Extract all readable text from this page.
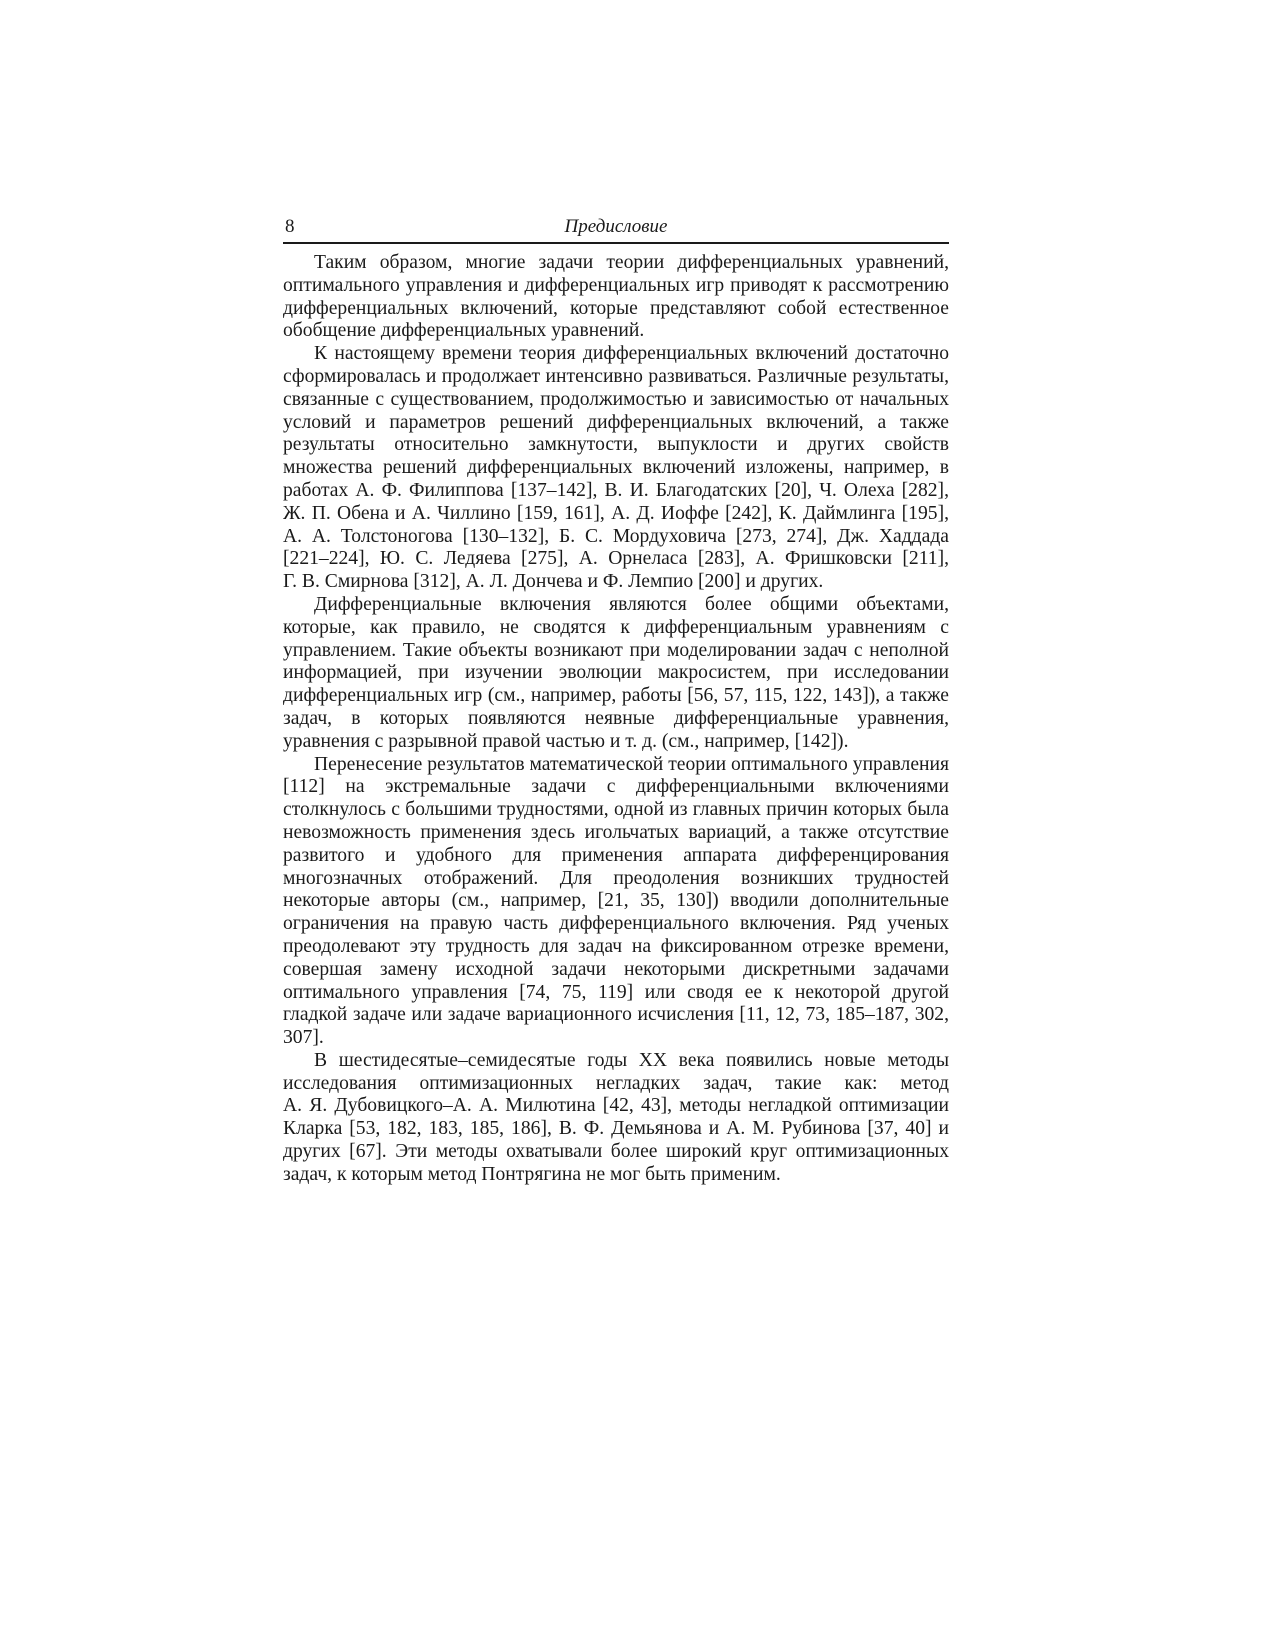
8	Предисловие

Таким образом, многие задачи теории дифференциальных уравнений, оптимального управления и дифференциальных игр приводят к рассмотрению дифференциальных включений, которые представляют собой естественное обобщение дифференциальных уравнений.

К настоящему времени теория дифференциальных включений достаточно сформировалась и продолжает интенсивно развиваться. Различные результаты, связанные с существованием, продолжимостью и зависимостью от начальных условий и параметров решений дифференциальных включений, а также результаты относительно замкнутости, выпуклости и других свойств множества решений дифференциальных включений изложены, например, в работах А. Ф. Филиппова [137–142], В. И. Благодатских [20], Ч. Олеха [282], Ж. П. Обена и А. Чиллино [159, 161], А. Д. Иоффе [242], К. Даймлинга [195], А. А. Толстоногова [130–132], Б. С. Мордуховича [273, 274], Дж. Хаддада [221–224], Ю. С. Ледяева [275], А. Орнеласа [283], А. Фришковски [211], Г. В. Смирнова [312], А. Л. Дончева и Ф. Лемпио [200] и других.

Дифференциальные включения являются более общими объектами, которые, как правило, не сводятся к дифференциальным уравнениям с управлением. Такие объекты возникают при моделировании задач с неполной информацией, при изучении эволюции макросистем, при исследовании дифференциальных игр (см., например, работы [56, 57, 115, 122, 143]), а также задач, в которых появляются неявные дифференциальные уравнения, уравнения с разрывной правой частью и т. д. (см., например, [142]).

Перенесение результатов математической теории оптимального управления [112] на экстремальные задачи с дифференциальными включениями столкнулось с большими трудностями, одной из главных причин которых была невозможность применения здесь игольчатых вариаций, а также отсутствие развитого и удобного для применения аппарата дифференцирования многозначных отображений. Для преодоления возникших трудностей некоторые авторы (см., например, [21, 35, 130]) вводили дополнительные ограничения на правую часть дифференциального включения. Ряд ученых преодолевают эту трудность для задач на фиксированном отрезке времени, совершая замену исходной задачи некоторыми дискретными задачами оптимального управления [74, 75, 119] или сводя ее к некоторой другой гладкой задаче или задаче вариационного исчисления [11, 12, 73, 185–187, 302, 307].

В шестидесятые–семидесятые годы XX века появились новые методы исследования оптимизационных негладких задач, такие как: метод А. Я. Дубовицкого–А. А. Милютина [42, 43], методы негладкой оптимизации Кларка [53, 182, 183, 185, 186], В. Ф. Демьянова и А. М. Рубинова [37, 40] и других [67]. Эти методы охватывали более широкий круг оптимизационных задач, к которым метод Понтрягина не мог быть применим.
